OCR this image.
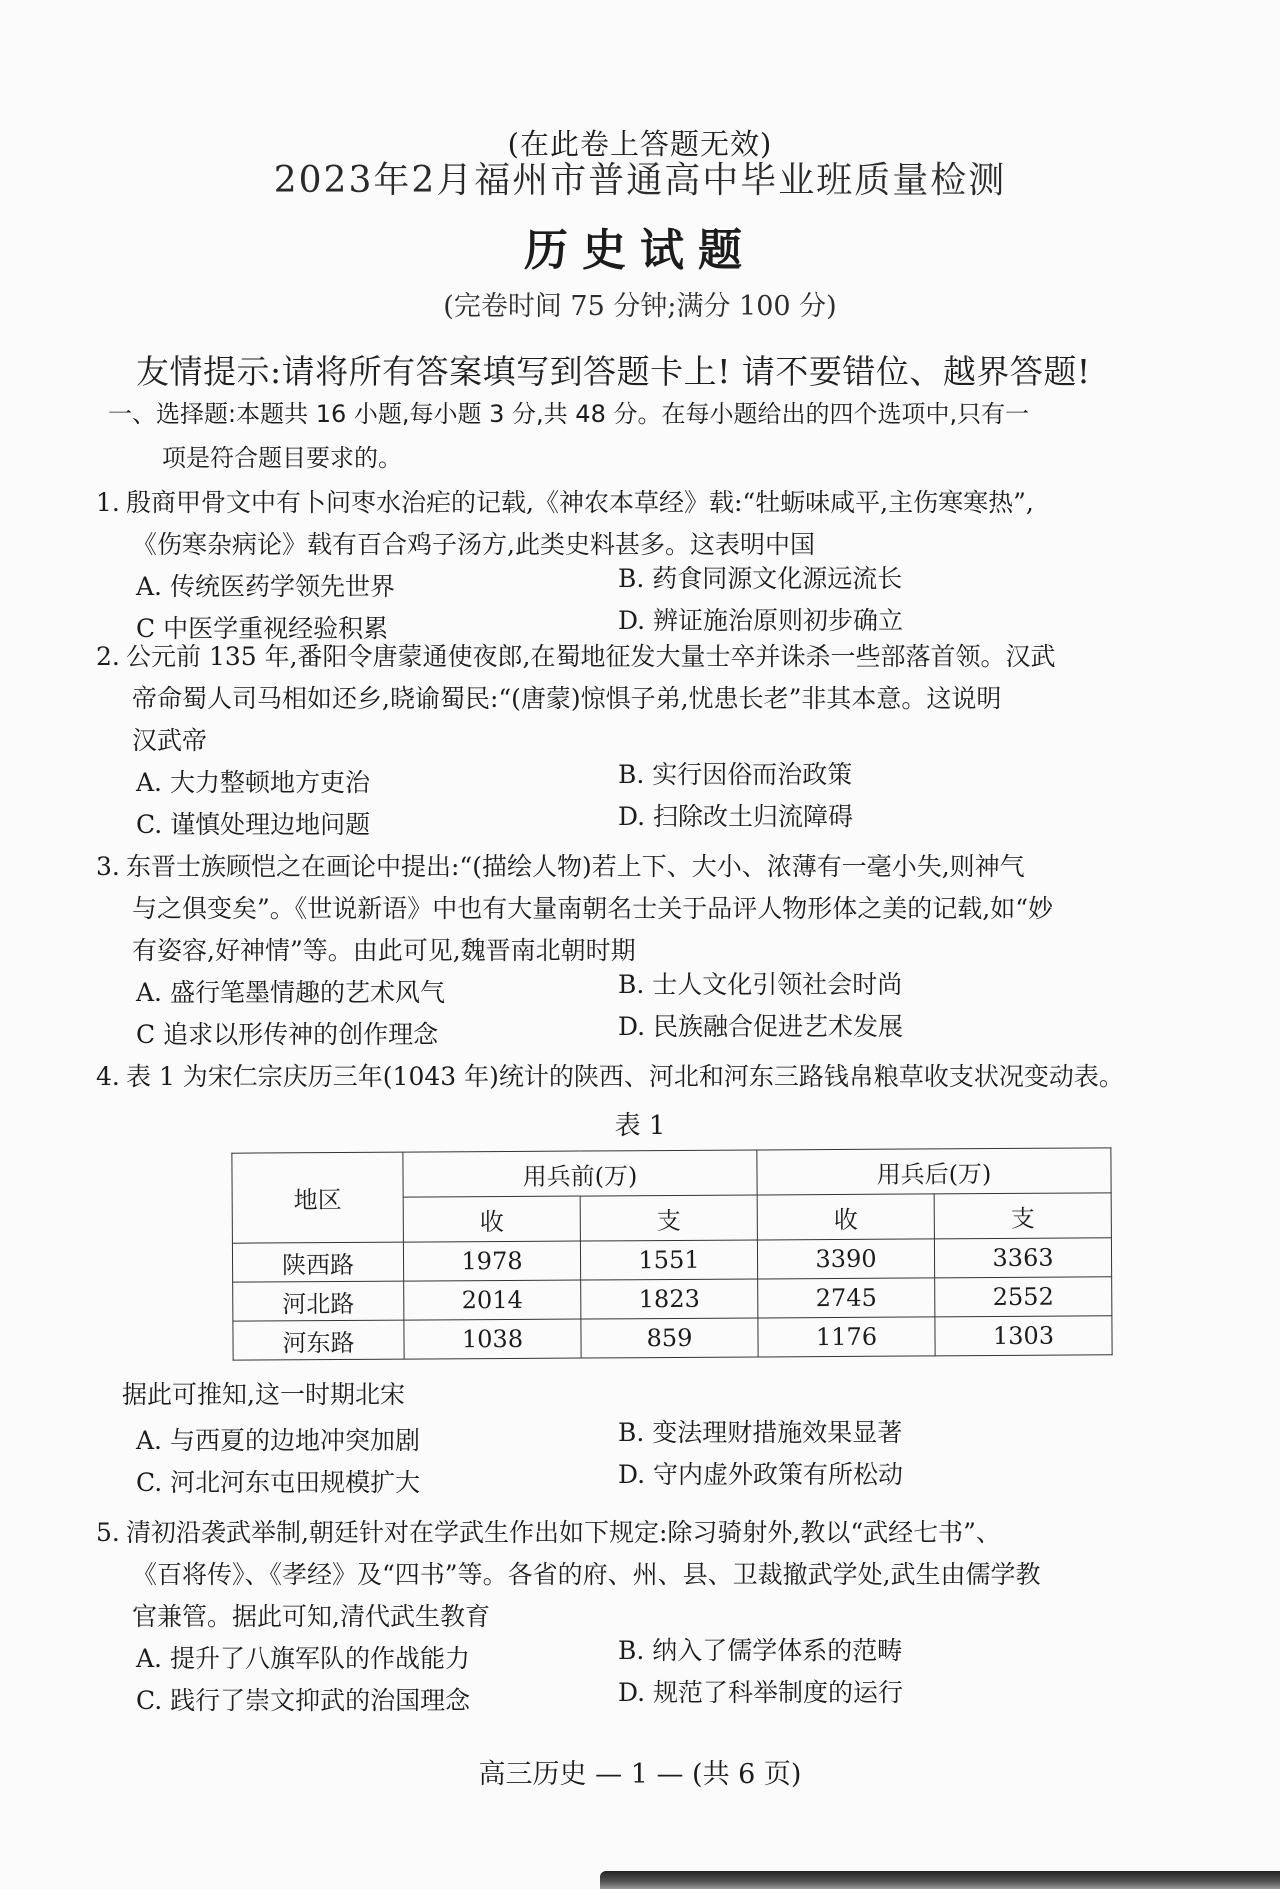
(在此卷上答题无效)
2023年2月福州市普通高中毕业班质量检测
历史试题
(完卷时间 75 分钟;满分 100 分)
友情提示:请将所有答案填写到答题卡上! 请不要错位、越界答题!
一、选择题:本题共 16 小题,每小题 3 分,共 48 分。在每小题给出的四个选项中,只有一
项是符合题目要求的。
1. 殷商甲骨文中有卜问枣水治疟的记载,《神农本草经》载:“牡蛎味咸平,主伤寒寒热”,
《伤寒杂病论》载有百合鸡子汤方,此类史料甚多。这表明中国
A. 传统医药学领先世界	B. 药食同源文化源远流长
C 中医学重视经验积累	D. 辨证施治原则初步确立
2. 公元前 135 年,番阳令唐蒙通使夜郎,在蜀地征发大量士卒并诛杀一些部落首领。汉武
帝命蜀人司马相如还乡,晓谕蜀民:“(唐蒙)惊惧子弟,忧患长老”非其本意。这说明
汉武帝
A. 大力整顿地方吏治	B. 实行因俗而治政策
C. 谨慎处理边地问题	D. 扫除改土归流障碍
3. 东晋士族顾恺之在画论中提出:“(描绘人物)若上下、大小、浓薄有一毫小失,则神气
与之俱变矣”。《世说新语》中也有大量南朝名士关于品评人物形体之美的记载,如“妙
有姿容,好神情”等。由此可见,魏晋南北朝时期
A. 盛行笔墨情趣的艺术风气	B. 士人文化引领社会时尚
C 追求以形传神的创作理念	D. 民族融合促进艺术发展
4. 表 1 为宋仁宗庆历三年(1043 年)统计的陕西、河北和河东三路钱帛粮草收支状况变动表。
表 1
地区	用兵前(万)		用兵后(万)	
	收	支	收	支
陕西路	1978	1551	3390	3363
河北路	2014	1823	2745	2552
河东路	1038	859	1176	1303
据此可推知,这一时期北宋
A. 与西夏的边地冲突加剧	B. 变法理财措施效果显著
C. 河北河东屯田规模扩大	D. 守内虚外政策有所松动
5. 清初沿袭武举制,朝廷针对在学武生作出如下规定:除习骑射外,教以“武经七书”、
《百将传》、《孝经》及“四书”等。各省的府、州、县、卫裁撤武学处,武生由儒学教
官兼管。据此可知,清代武生教育
A. 提升了八旗军队的作战能力	B. 纳入了儒学体系的范畴
C. 践行了崇文抑武的治国理念	D. 规范了科举制度的运行
高三历史 — 1 — (共 6 页)
